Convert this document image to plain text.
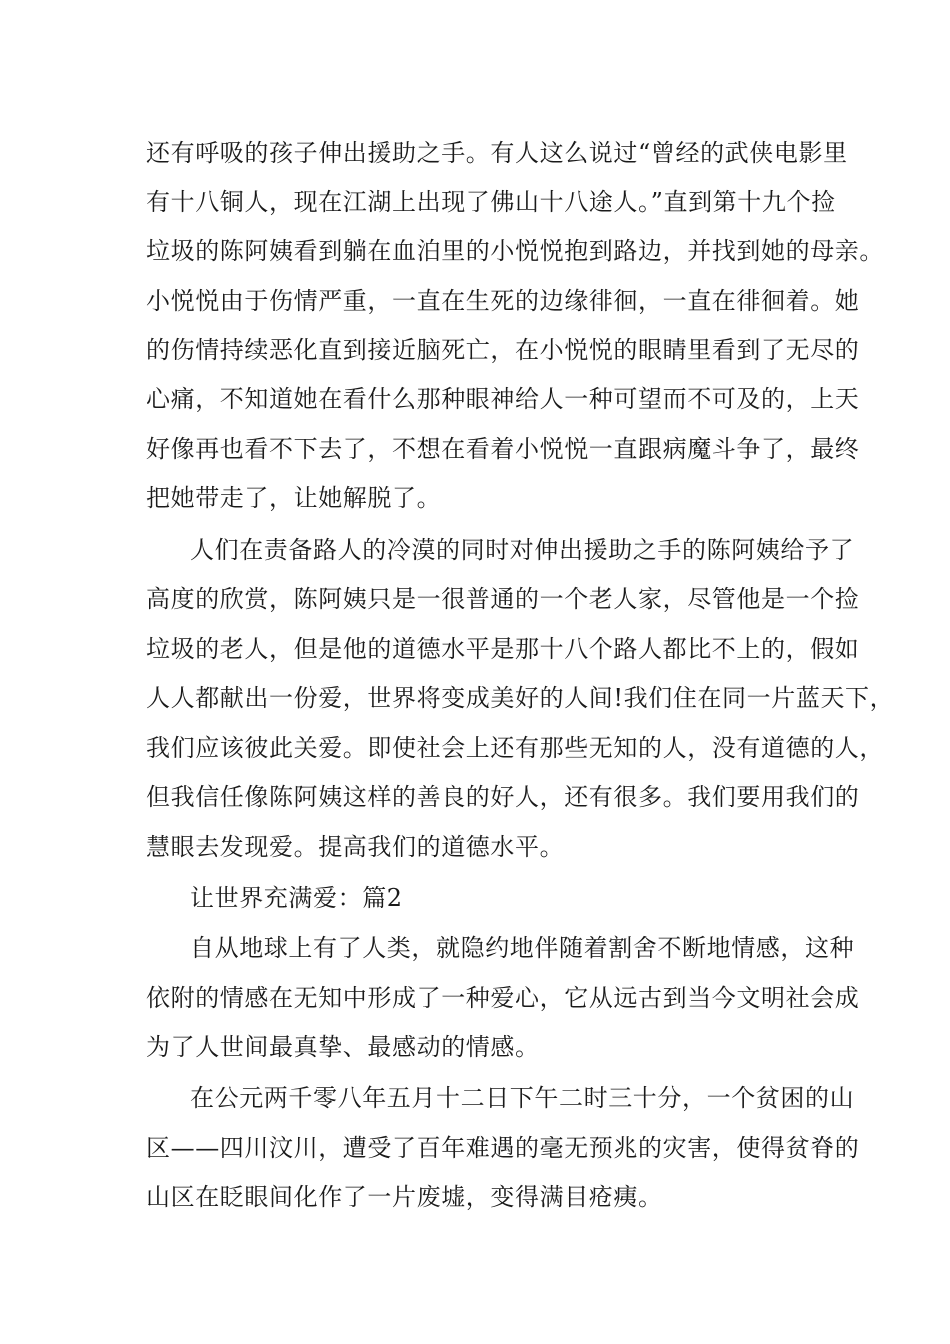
还有呼吸的孩子伸出援助之手。有人这么说过“曾经的武侠电影里
有十八铜人，现在江湖上出现了佛山十八途人。”直到第十九个捡
垃圾的陈阿姨看到躺在血泊里的小悦悦抱到路边，并找到她的母亲。
小悦悦由于伤情严重，一直在生死的边缘徘徊，一直在徘徊着。她
的伤情持续恶化直到接近脑死亡，在小悦悦的眼睛里看到了无尽的
心痛，不知道她在看什么那种眼神给人一种可望而不可及的，上天
好像再也看不下去了，不想在看着小悦悦一直跟病魔斗争了，最终
把她带走了，让她解脱了。
人们在责备路人的冷漠的同时对伸出援助之手的陈阿姨给予了
高度的欣赏，陈阿姨只是一很普通的一个老人家，尽管他是一个捡
垃圾的老人，但是他的道德水平是那十八个路人都比不上的，假如
人人都献出一份爱，世界将变成美好的人间!我们住在同一片蓝天下，
我们应该彼此关爱。即使社会上还有那些无知的人，没有道德的人，
但我信任像陈阿姨这样的善良的好人，还有很多。我们要用我们的
慧眼去发现爱。提高我们的道德水平。
让世界充满爱：篇2
自从地球上有了人类，就隐约地伴随着割舍不断地情感，这种
依附的情感在无知中形成了一种爱心，它从远古到当今文明社会成
为了人世间最真挚、最感动的情感。
在公元两千零八年五月十二日下午二时三十分，一个贫困的山
区——四川汶川，遭受了百年难遇的毫无预兆的灾害，使得贫脊的
山区在眨眼间化作了一片废墟，变得满目疮痍。
